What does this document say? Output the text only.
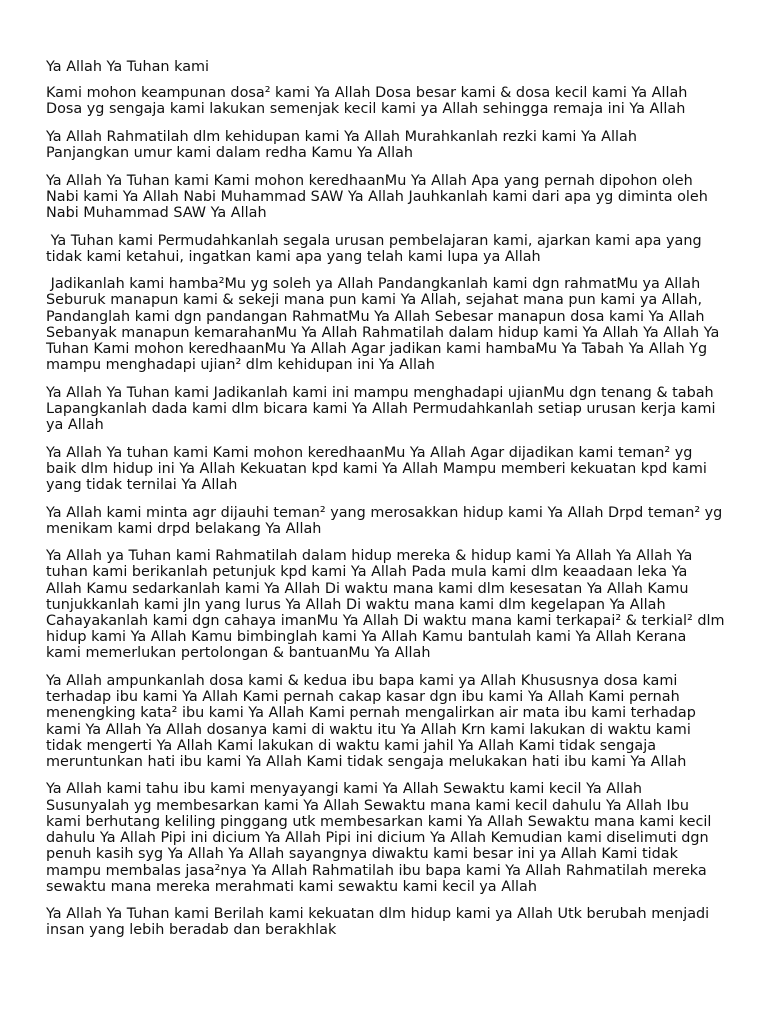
Ya Allah Ya Tuhan kami

Kami mohon keampunan dosa² kami Ya Allah Dosa besar kami & dosa kecil kami Ya Allah
Dosa yg sengaja kami lakukan semenjak kecil kami ya Allah sehingga remaja ini Ya Allah

Ya Allah Rahmatilah dlm kehidupan kami Ya Allah Murahkanlah rezki kami Ya Allah
Panjangkan umur kami dalam redha Kamu Ya Allah

Ya Allah Ya Tuhan kami Kami mohon keredhaanMu Ya Allah Apa yang pernah dipohon oleh
Nabi kami Ya Allah Nabi Muhammad SAW Ya Allah Jauhkanlah kami dari apa yg diminta oleh
Nabi Muhammad SAW Ya Allah

Ya Tuhan kami Permudahkanlah segala urusan pembelajaran kami, ajarkan kami apa yang
tidak kami ketahui, ingatkan kami apa yang telah kami lupa ya Allah

Jadikanlah kami hamba²Mu yg soleh ya Allah Pandangkanlah kami dgn rahmatMu ya Allah
Seburuk manapun kami & sekeji mana pun kami Ya Allah, sejahat mana pun kami ya Allah,
Pandanglah kami dgn pandangan RahmatMu Ya Allah Sebesar manapun dosa kami Ya Allah
Sebanyak manapun kemarahanMu Ya Allah Rahmatilah dalam hidup kami Ya Allah Ya Allah Ya
Tuhan Kami mohon keredhaanMu Ya Allah Agar jadikan kami hambaMu Ya Tabah Ya Allah Yg
mampu menghadapi ujian² dlm kehidupan ini Ya Allah

Ya Allah Ya Tuhan kami Jadikanlah kami ini mampu menghadapi ujianMu dgn tenang & tabah
Lapangkanlah dada kami dlm bicara kami Ya Allah Permudahkanlah setiap urusan kerja kami
ya Allah

Ya Allah Ya tuhan kami Kami mohon keredhaanMu Ya Allah Agar dijadikan kami teman² yg
baik dlm hidup ini Ya Allah Kekuatan kpd kami Ya Allah Mampu memberi kekuatan kpd kami
yang tidak ternilai Ya Allah

Ya Allah kami minta agr dijauhi teman² yang merosakkan hidup kami Ya Allah Drpd teman² yg
menikam kami drpd belakang Ya Allah

Ya Allah ya Tuhan kami Rahmatilah dalam hidup mereka & hidup kami Ya Allah Ya Allah Ya
tuhan kami berikanlah petunjuk kpd kami Ya Allah Pada mula kami dlm keaadaan leka Ya
Allah Kamu sedarkanlah kami Ya Allah Di waktu mana kami dlm kesesatan Ya Allah Kamu
tunjukkanlah kami jln yang lurus Ya Allah Di waktu mana kami dlm kegelapan Ya Allah
Cahayakanlah kami dgn cahaya imanMu Ya Allah Di waktu mana kami terkapai² & terkial² dlm
hidup kami Ya Allah Kamu bimbinglah kami Ya Allah Kamu bantulah kami Ya Allah Kerana
kami memerlukan pertolongan & bantuanMu Ya Allah

Ya Allah ampunkanlah dosa kami & kedua ibu bapa kami ya Allah Khususnya dosa kami
terhadap ibu kami Ya Allah Kami pernah cakap kasar dgn ibu kami Ya Allah Kami pernah
menengking kata² ibu kami Ya Allah Kami pernah mengalirkan air mata ibu kami terhadap
kami Ya Allah Ya Allah dosanya kami di waktu itu Ya Allah Krn kami lakukan di waktu kami
tidak mengerti Ya Allah Kami lakukan di waktu kami jahil Ya Allah Kami tidak sengaja
meruntunkan hati ibu kami Ya Allah Kami tidak sengaja melukakan hati ibu kami Ya Allah

Ya Allah kami tahu ibu kami menyayangi kami Ya Allah Sewaktu kami kecil Ya Allah
Susunyalah yg membesarkan kami Ya Allah Sewaktu mana kami kecil dahulu Ya Allah Ibu
kami berhutang keliling pinggang utk membesarkan kami Ya Allah Sewaktu mana kami kecil
dahulu Ya Allah Pipi ini dicium Ya Allah Pipi ini dicium Ya Allah Kemudian kami diselimuti dgn
penuh kasih syg Ya Allah Ya Allah sayangnya diwaktu kami besar ini ya Allah Kami tidak
mampu membalas jasa²nya Ya Allah Rahmatilah ibu bapa kami Ya Allah Rahmatilah mereka
sewaktu mana mereka merahmati kami sewaktu kami kecil ya Allah

Ya Allah Ya Tuhan kami Berilah kami kekuatan dlm hidup kami ya Allah Utk berubah menjadi
insan yang lebih beradab dan berakhlak
